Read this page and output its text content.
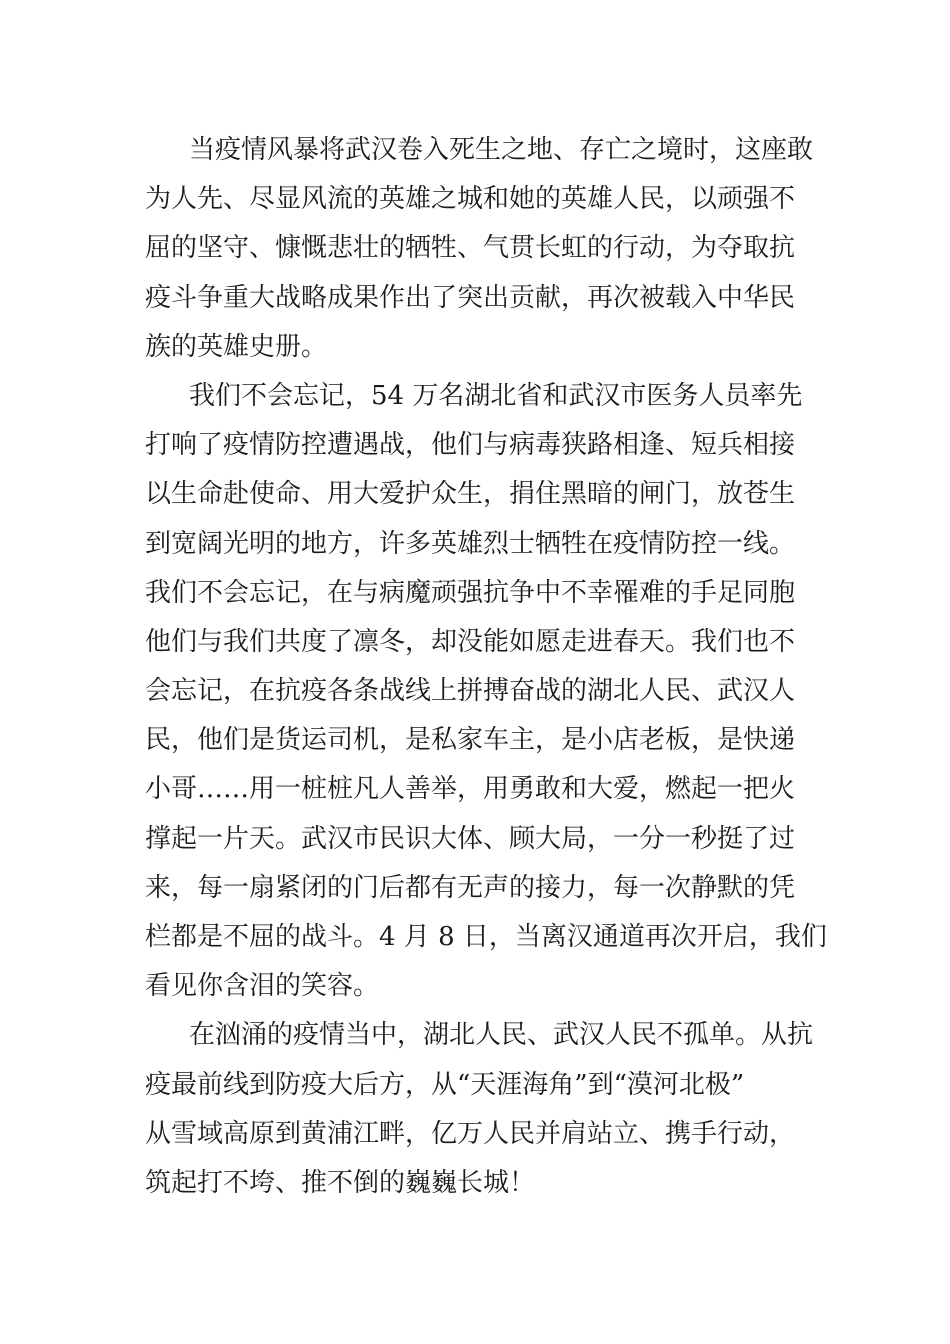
当疫情风暴将武汉卷入死生之地、存亡之境时，这座敢
为人先、尽显风流的英雄之城和她的英雄人民，以顽强不
屈的坚守、慷慨悲壮的牺牲、气贯长虹的行动，为夺取抗
疫斗争重大战略成果作出了突出贡献，再次被载入中华民
族的英雄史册。
我们不会忘记，54 万名湖北省和武汉市医务人员率先
打响了疫情防控遭遇战，他们与病毒狭路相逢、短兵相接
以生命赴使命、用大爱护众生，捐住黑暗的闸门，放苍生
到宽阔光明的地方，许多英雄烈士牺牲在疫情防控一线。
我们不会忘记，在与病魔顽强抗争中不幸罹难的手足同胞
他们与我们共度了凛冬，却没能如愿走进春天。我们也不
会忘记，在抗疫各条战线上拼搏奋战的湖北人民、武汉人
民，他们是货运司机，是私家车主，是小店老板，是快递
小哥……用一桩桩凡人善举，用勇敢和大爱，燃起一把火
撑起一片天。武汉市民识大体、顾大局，一分一秒挺了过
来，每一扇紧闭的门后都有无声的接力，每一次静默的凭
栏都是不屈的战斗。4 月 8 日，当离汉通道再次开启，我们
看见你含泪的笑容。
在汹涌的疫情当中，湖北人民、武汉人民不孤单。从抗
疫最前线到防疫大后方，从“天涯海角”到“漠河北极”
从雪域高原到黄浦江畔，亿万人民并肩站立、携手行动，
筑起打不垮、推不倒的巍巍长城！
